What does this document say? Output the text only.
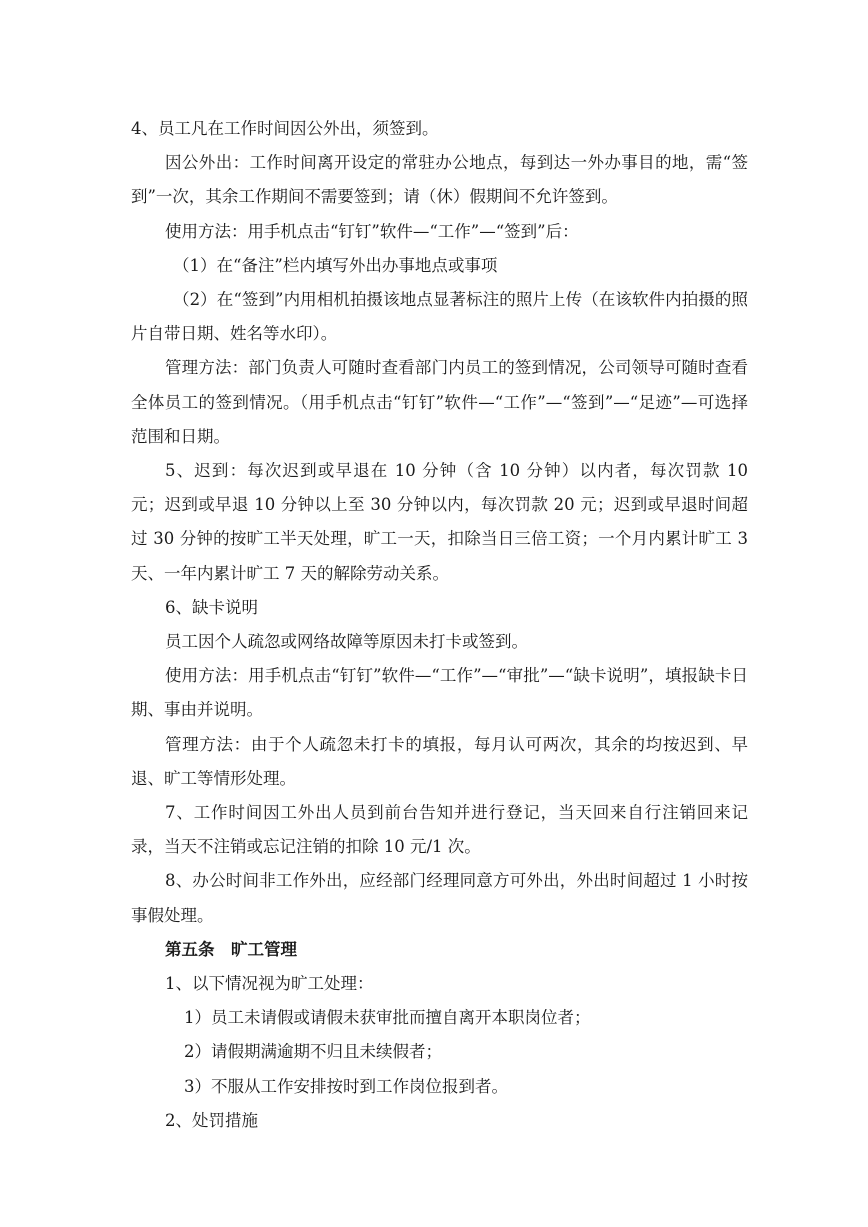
4、员工凡在工作时间因公外出，须签到。

因公外出：工作时间离开设定的常驻办公地点，每到达一外办事目的地，需“签到”一次，其余工作期间不需要签到；请（休）假期间不允许签到。

使用方法：用手机点击“钉钉”软件—“工作”—“签到”后：

（1）在“备注”栏内填写外出办事地点或事项

（2）在“签到”内用相机拍摄该地点显著标注的照片上传（在该软件内拍摄的照片自带日期、姓名等水印）。

管理方法：部门负责人可随时查看部门内员工的签到情况，公司领导可随时查看全体员工的签到情况。（用手机点击“钉钉”软件—“工作”—“签到”—“足迹”—可选择范围和日期。

5、迟到：每次迟到或早退在 10 分钟（含 10 分钟）以内者，每次罚款 10 元；迟到或早退 10 分钟以上至 30 分钟以内，每次罚款 20 元；迟到或早退时间超过 30 分钟的按旷工半天处理，旷工一天，扣除当日三倍工资；一个月内累计旷工 3 天、一年内累计旷工 7 天的解除劳动关系。

6、缺卡说明

员工因个人疏忽或网络故障等原因未打卡或签到。

使用方法：用手机点击“钉钉”软件—“工作”—“审批”—“缺卡说明”，填报缺卡日期、事由并说明。

管理方法：由于个人疏忽未打卡的填报，每月认可两次，其余的均按迟到、早退、旷工等情形处理。

7、工作时间因工外出人员到前台告知并进行登记，当天回来自行注销回来记录，当天不注销或忘记注销的扣除 10 元/1 次。

8、办公时间非工作外出，应经部门经理同意方可外出，外出时间超过 1 小时按事假处理。

第五条　旷工管理

1、以下情况视为旷工处理：

1）员工未请假或请假未获审批而擅自离开本职岗位者；

2）请假期满逾期不归且未续假者；

3）不服从工作安排按时到工作岗位报到者。

2、处罚措施
